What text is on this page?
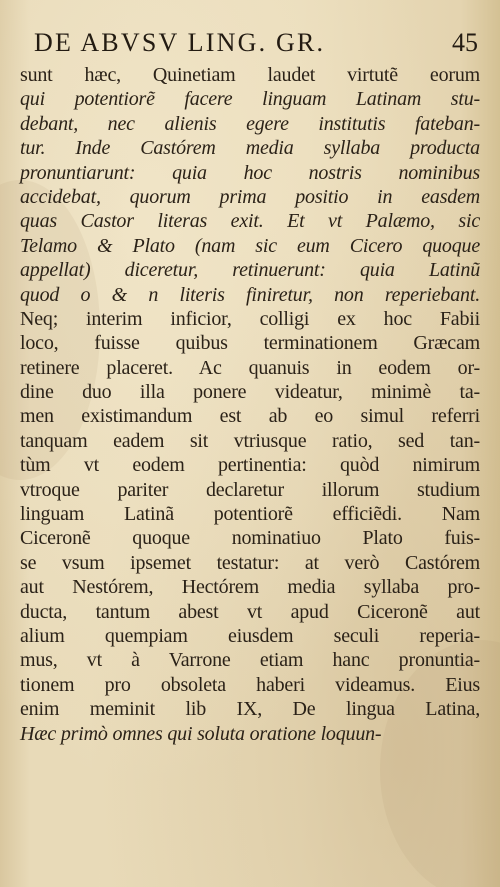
DE ABVSV LING. GR.	45
sunt hæc, Quinetiam laudet virtutẽ eorum
qui potentiorẽ facere linguam Latinam stu-
debant, nec alienis egere institutis fateban-
tur. Inde Castórem media syllaba producta
pronuntiarunt: quia hoc nostris nominibus
accidebat, quorum prima positio in easdem
quas Castor literas exit. Et vt Palæmo, sic
Telamo & Plato (nam sic eum Cicero quoque
appellat) diceretur, retinuerunt: quia Latinũ
quod o & n literis finiretur, non reperiebant.
Neq; interim inficior, colligi ex hoc Fabii
loco, fuisse quibus terminationem Græcam
retinere placeret. Ac quanuis in eodem or-
dine duo illa ponere videatur, minimè ta-
men existimandum est ab eo simul referri
tanquam eadem sit vtriusque ratio, sed tan-
tùm vt eodem pertinentia: quòd nimirum
vtroque pariter declaretur illorum studium
linguam Latinã potentiorẽ efficiẽdi. Nam
Ciceronẽ quoque nominatiuo Plato fuis-
se vsum ipsemet testatur: at verò Castórem
aut Nestórem, Hectórem media syllaba pro-
ducta, tantum abest vt apud Ciceronẽ aut
alium quempiam eiusdem seculi reperia-
mus, vt à Varrone etiam hanc pronuntia-
tionem pro obsoleta haberi videamus. Eius
enim meminit lib IX, De lingua Latina,
Hæc primò omnes qui soluta oratione loquun-
